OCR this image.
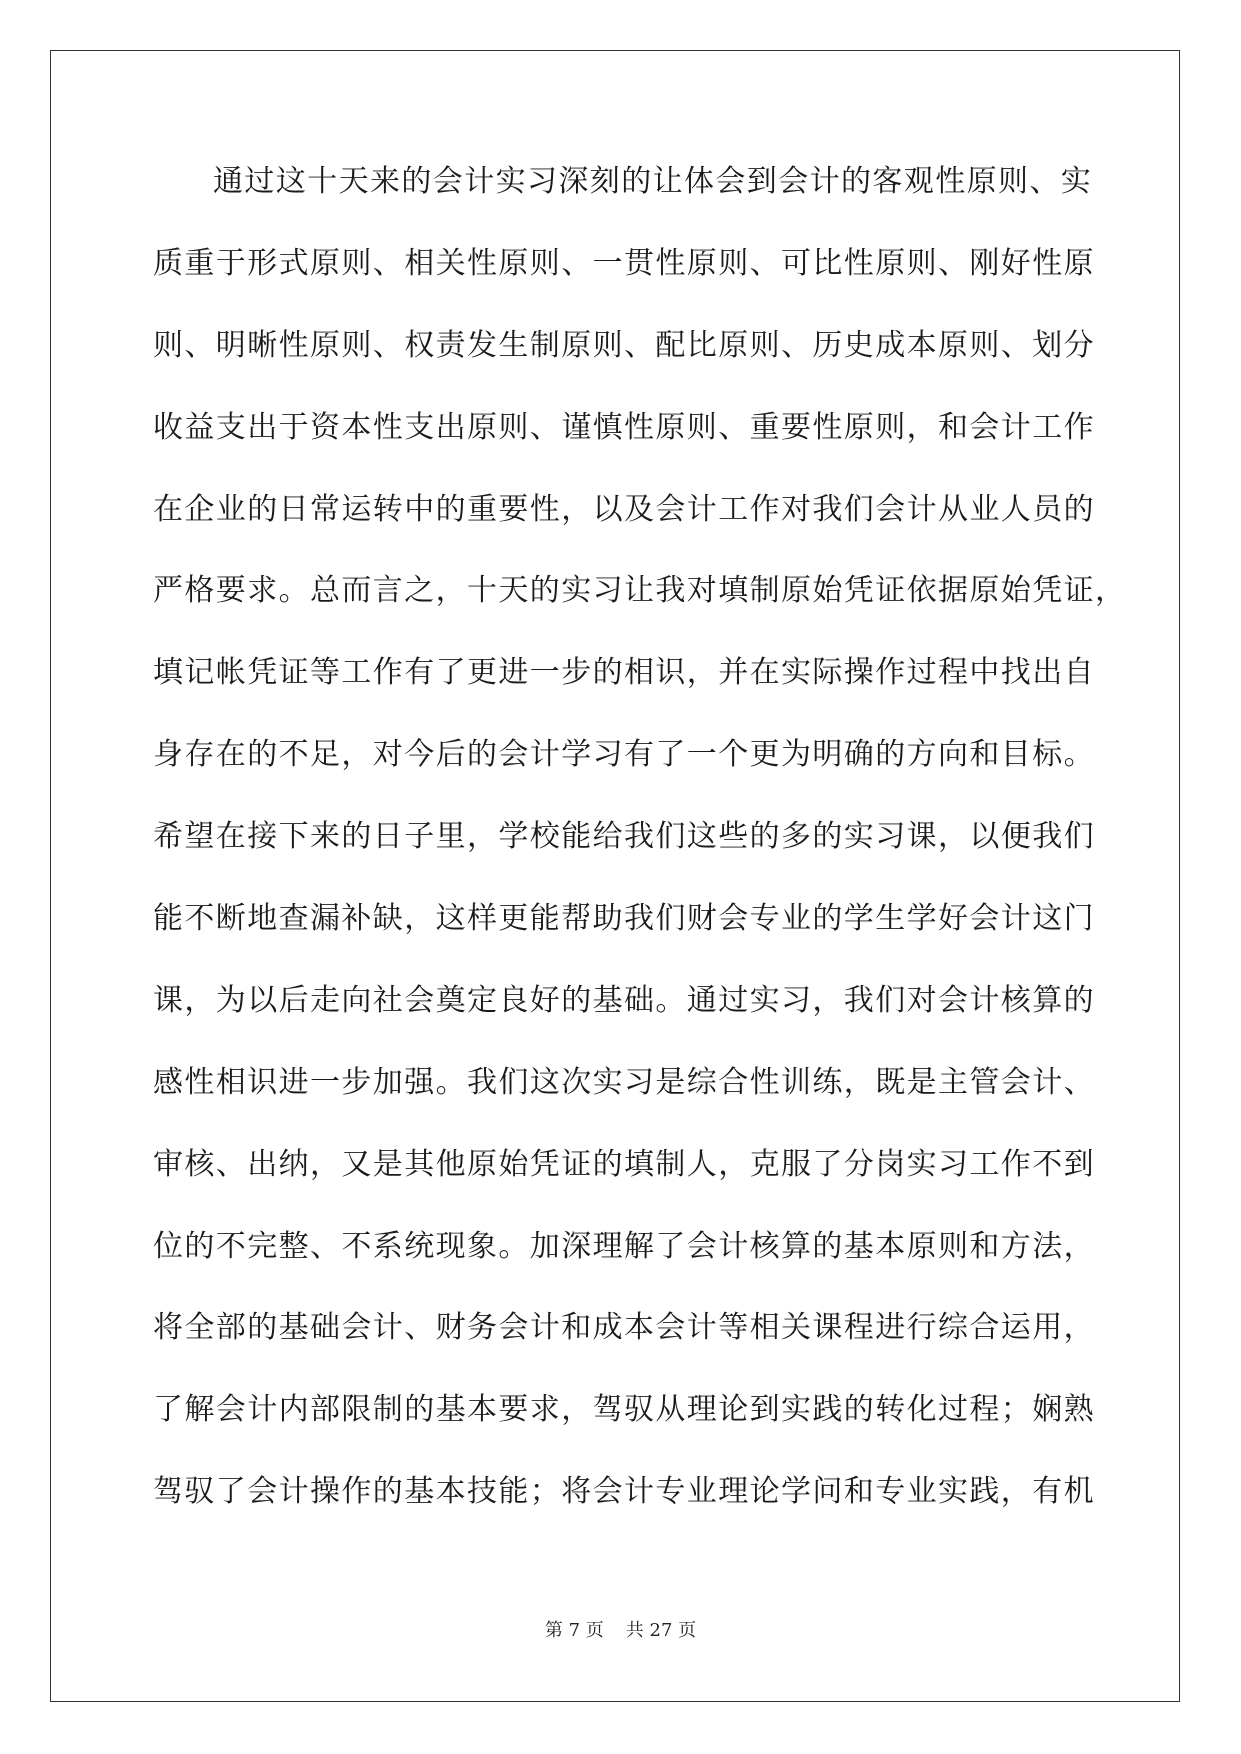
通过这十天来的会计实习深刻的让体会到会计的客观性原则、实
质重于形式原则、相关性原则、一贯性原则、可比性原则、刚好性原
则、明晰性原则、权责发生制原则、配比原则、历史成本原则、划分
收益支出于资本性支出原则、谨慎性原则、重要性原则，和会计工作
在企业的日常运转中的重要性，以及会计工作对我们会计从业人员的
严格要求。总而言之，十天的实习让我对填制原始凭证依据原始凭证，
填记帐凭证等工作有了更进一步的相识，并在实际操作过程中找出自
身存在的不足，对今后的会计学习有了一个更为明确的方向和目标。
希望在接下来的日子里，学校能给我们这些的多的实习课，以便我们
能不断地查漏补缺，这样更能帮助我们财会专业的学生学好会计这门
课，为以后走向社会奠定良好的基础。通过实习，我们对会计核算的
感性相识进一步加强。我们这次实习是综合性训练，既是主管会计、
审核、出纳，又是其他原始凭证的填制人，克服了分岗实习工作不到
位的不完整、不系统现象。加深理解了会计核算的基本原则和方法，
将全部的基础会计、财务会计和成本会计等相关课程进行综合运用，
了解会计内部限制的基本要求，驾驭从理论到实践的转化过程；娴熟
驾驭了会计操作的基本技能；将会计专业理论学问和专业实践，有机
第 7 页 共 27 页
